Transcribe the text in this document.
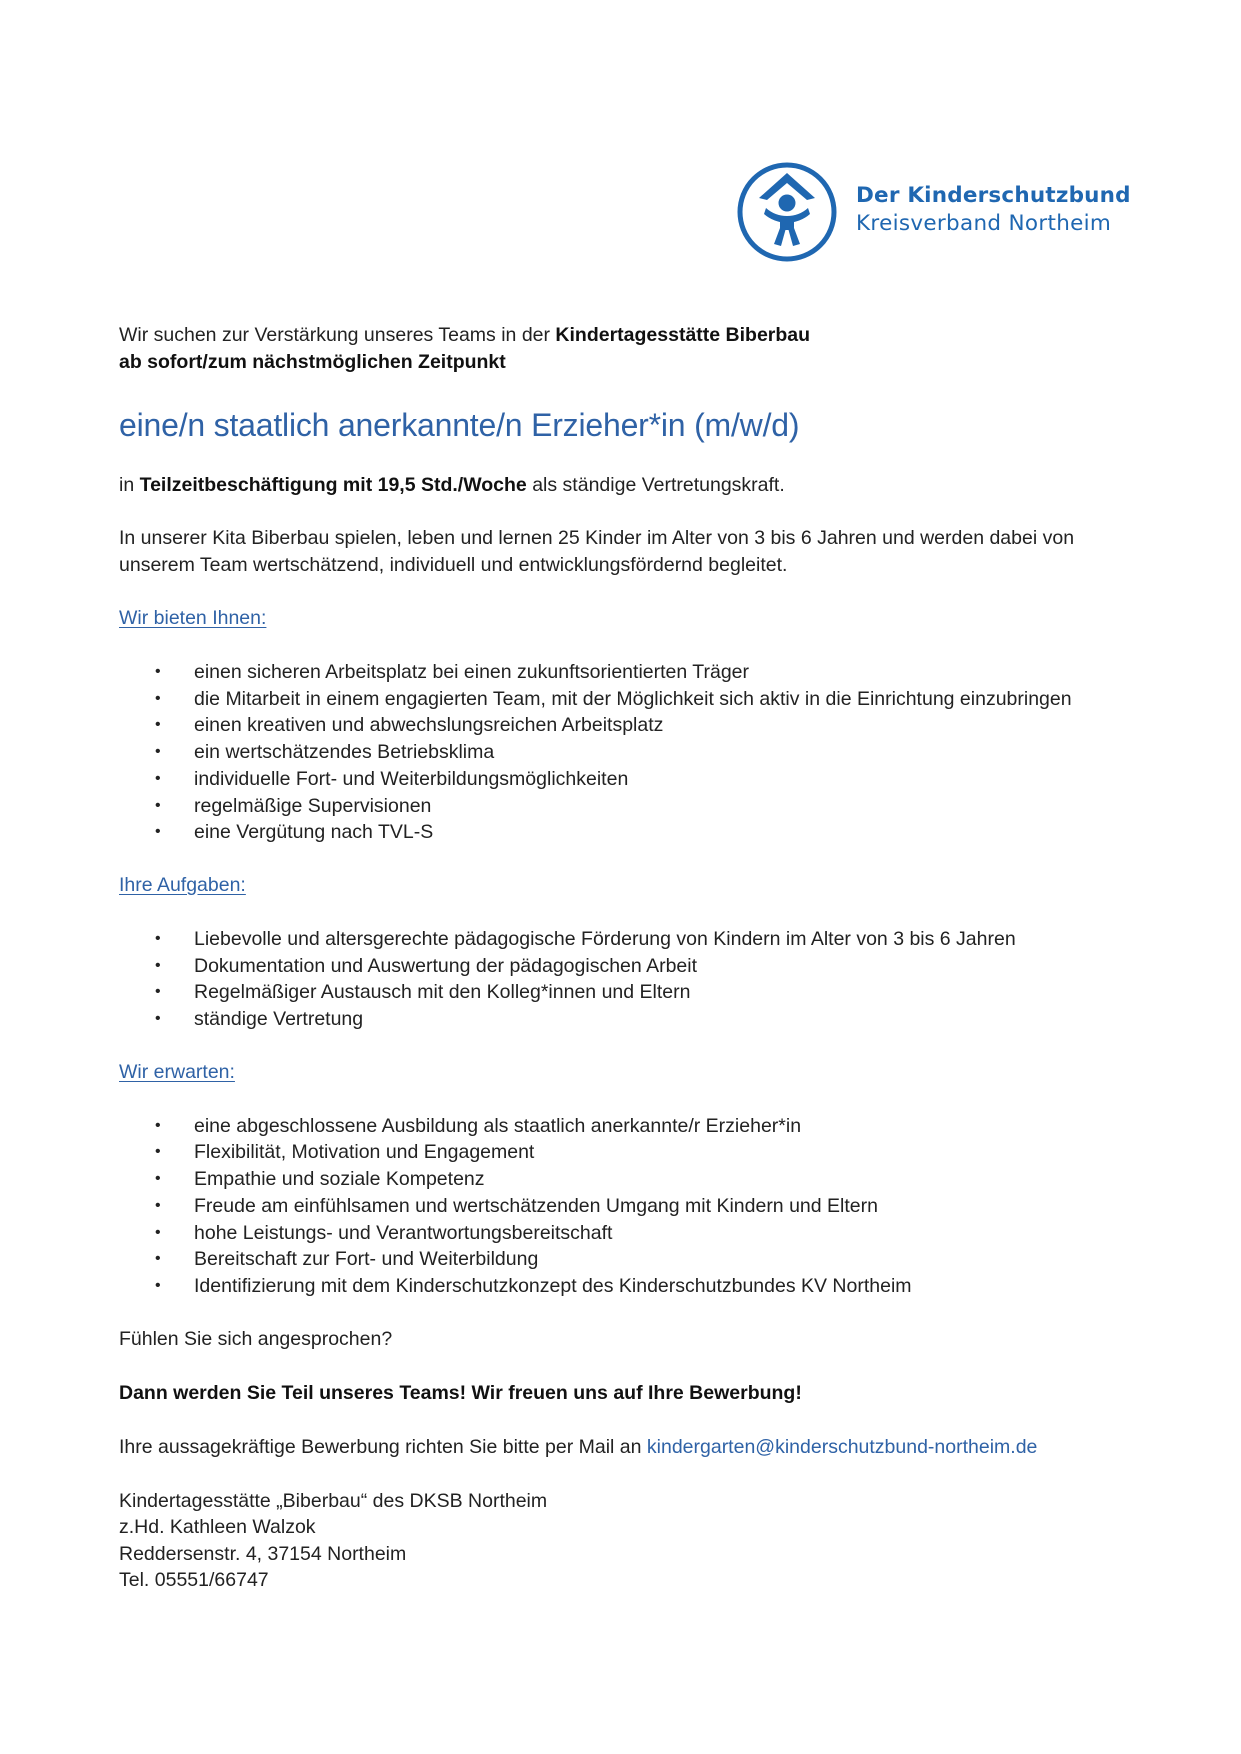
Der Kinderschutzbund
Kreisverband Northeim

Wir suchen zur Verstärkung unseres Teams in der Kindertagesstätte Biberbau
ab sofort/zum nächstmöglichen Zeitpunkt

eine/n staatlich anerkannte/n Erzieher*in (m/w/d)

in Teilzeitbeschäftigung mit 19,5 Std./Woche als ständige Vertretungskraft.

In unserer Kita Biberbau spielen, leben und lernen 25 Kinder im Alter von 3 bis 6 Jahren und werden dabei von unserem Team wertschätzend, individuell und entwicklungsfördernd begleitet.

Wir bieten Ihnen:

• einen sicheren Arbeitsplatz bei einen zukunftsorientierten Träger
• die Mitarbeit in einem engagierten Team, mit der Möglichkeit sich aktiv in die Einrichtung einzubringen
• einen kreativen und abwechslungsreichen Arbeitsplatz
• ein wertschätzendes Betriebsklima
• individuelle Fort- und Weiterbildungsmöglichkeiten
• regelmäßige Supervisionen
• eine Vergütung nach TVL-S

Ihre Aufgaben:

• Liebevolle und altersgerechte pädagogische Förderung von Kindern im Alter von 3 bis 6 Jahren
• Dokumentation und Auswertung der pädagogischen Arbeit
• Regelmäßiger Austausch mit den Kolleg*innen und Eltern
• ständige Vertretung

Wir erwarten:

• eine abgeschlossene Ausbildung als staatlich anerkannte/r Erzieher*in
• Flexibilität, Motivation und Engagement
• Empathie und soziale Kompetenz
• Freude am einfühlsamen und wertschätzenden Umgang mit Kindern und Eltern
• hohe Leistungs- und Verantwortungsbereitschaft
• Bereitschaft zur Fort- und Weiterbildung
• Identifizierung mit dem Kinderschutzkonzept des Kinderschutzbundes KV Northeim

Fühlen Sie sich angesprochen?

Dann werden Sie Teil unseres Teams! Wir freuen uns auf Ihre Bewerbung!

Ihre aussagekräftige Bewerbung richten Sie bitte per Mail an kindergarten@kinderschutzbund-northeim.de

Kindertagesstätte „Biberbau“ des DKSB Northeim
z.Hd. Kathleen Walzok
Reddersenstr. 4, 37154 Northeim
Tel. 05551/66747
